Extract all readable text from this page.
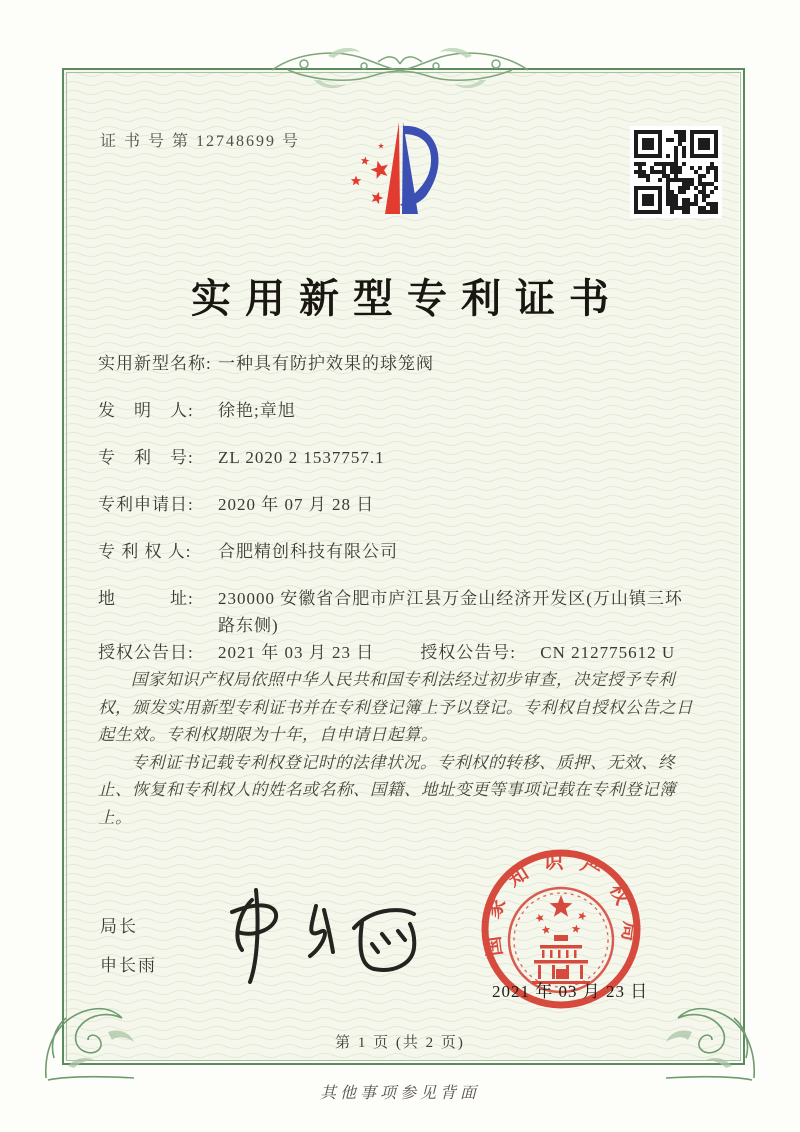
证 书 号 第 12748699 号
实用新型专利证书
实用新型名称: 一种具有防护效果的球笼阀
发　明　人:	徐艳;章旭
专　利　号:	ZL 2020 2 1537757.1
专利申请日:	2020 年 07 月 28 日
专 利 权 人:	合肥精创科技有限公司
地　　　址:	230000 安徽省合肥市庐江县万金山经济开发区(万山镇三环路东侧)
授权公告日:	2021 年 03 月 23 日	授权公告号:	CN 212775612 U

国家知识产权局依照中华人民共和国专利法经过初步审查，决定授予专利权，颁发实用新型专利证书并在专利登记簿上予以登记。专利权自授权公告之日起生效。专利权期限为十年，自申请日起算。

专利证书记载专利权登记时的法律状况。专利权的转移、质押、无效、终止、恢复和专利权人的姓名或名称、国籍、地址变更等事项记载在专利登记簿上。

局长
申长雨
国家知识产权局
2021 年 03 月 23 日
第 1 页 (共 2 页)
其他事项参见背面
